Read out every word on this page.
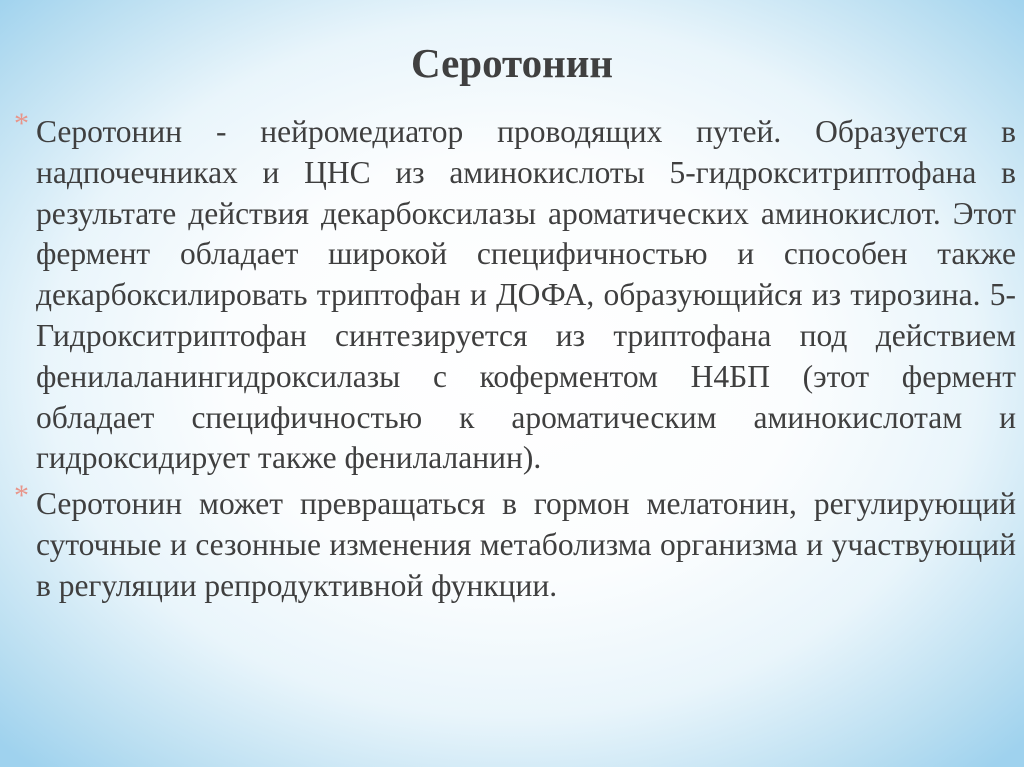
Серотонин
* Серотонин - нейромедиатор проводящих путей. Образуется в надпочечниках и ЦНС из аминокислоты 5-гидрокситриптофана в результате действия декарбоксилазы ароматических аминокислот. Этот фермент обладает широкой специфичностью и способен также декарбоксилировать триптофан и ДОФА, образующийся из тирозина. 5-Гидрокситриптофан синтезируется из триптофана под действием фенилаланингидроксилазы с коферментом Н4БП (этот фермент обладает специфичностью к ароматическим аминокислотам и гидроксидирует также фенилаланин).
* Серотонин может превращаться в гормон мелатонин, регулирующий суточные и сезонные изменения метаболизма организма и участвующий в регуляции репродуктивной функции.
